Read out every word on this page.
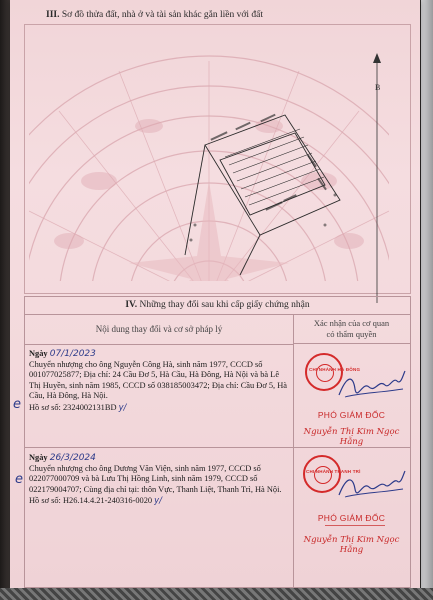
III. Sơ đồ thửa đất, nhà ở và tài sản khác gắn liền với đất
B
IV. Những thay đổi sau khi cấp giấy chứng nhận
Nội dung thay đổi và cơ sở pháp lý
Xác nhận của cơ quan
có thẩm quyền
Ngày 07/1/2023
Chuyển nhượng cho ông Nguyễn Công Hà, sinh năm 1977, CCCD số 001077025877; Địa chỉ: 24 Cầu Đơ 5, Hà Cầu, Hà Đông, Hà Nội và bà Lê Thị Huyền, sinh năm 1985, CCCD số 038185003472; Địa chỉ: Cầu Đơ 5, Hà Cầu, Hà Đông, Hà Nội.
Hồ sơ số: 2324002131BD y/
e
CHI NHÁNH HÀ ĐÔNG
PHÓ GIÁM ĐỐC
Nguyễn Thị Kim Ngọc Hằng
Ngày 26/3/2024
Chuyển nhượng cho ông Dương Văn Viện, sinh năm 1977, CCCD số 022077000709 và bà Lưu Thị Hồng Linh, sinh năm 1979, CCCD số 022179004707; Cùng địa chỉ tại: thôn Vực, Thanh Liệt, Thanh Trì, Hà Nội. Hồ sơ số: H26.14.4.21-240316-0020 y/
e
CHI NHÁNH THANH TRÌ
PHÓ GIÁM ĐỐC
Nguyễn Thị Kim Ngọc Hằng
